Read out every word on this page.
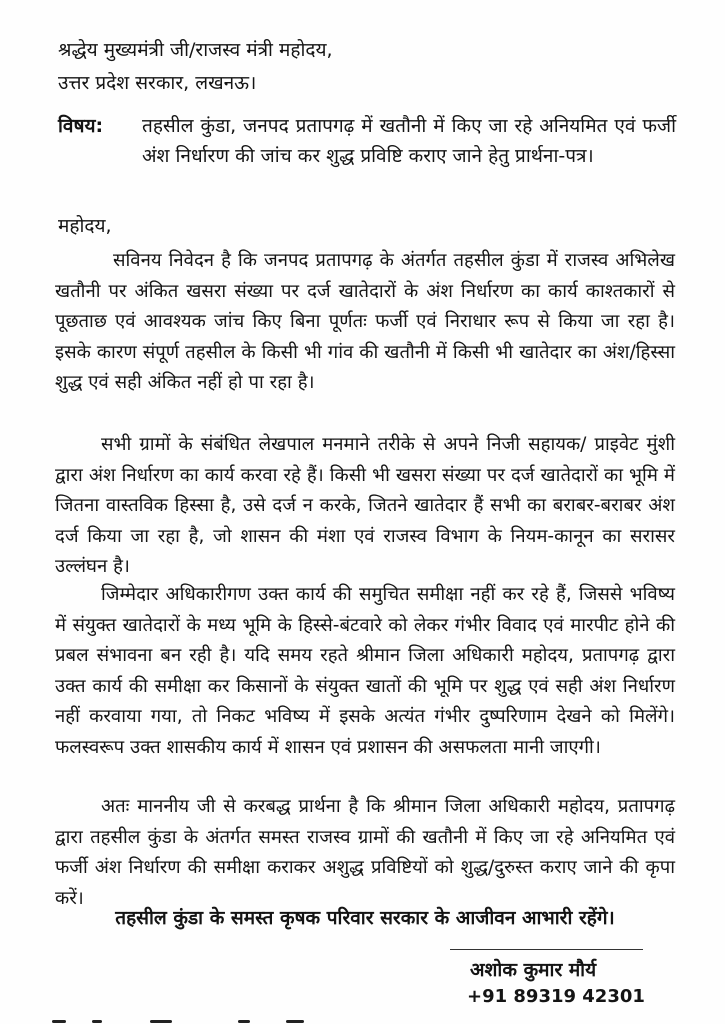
श्रद्धेय मुख्यमंत्री जी/राजस्व मंत्री महोदय,
उत्तर प्रदेश सरकार, लखनऊ।
विषय:	तहसील कुंडा, जनपद प्रतापगढ़ में खतौनी में किए जा रहे अनियमित एवं फर्जी अंश निर्धारण की जांच कर शुद्ध प्रविष्टि कराए जाने हेतु प्रार्थना-पत्र।
महोदय,

सविनय निवेदन है कि जनपद प्रतापगढ़ के अंतर्गत तहसील कुंडा में राजस्व अभिलेख खतौनी पर अंकित खसरा संख्या पर दर्ज खातेदारों के अंश निर्धारण का कार्य काश्तकारों से पूछताछ एवं आवश्यक जांच किए बिना पूर्णतः फर्जी एवं निराधार रूप से किया जा रहा है। इसके कारण संपूर्ण तहसील के किसी भी गांव की खतौनी में किसी भी खातेदार का अंश/हिस्सा शुद्ध एवं सही अंकित नहीं हो पा रहा है।

सभी ग्रामों के संबंधित लेखपाल मनमाने तरीके से अपने निजी सहायक/ प्राइवेट मुंशी द्वारा अंश निर्धारण का कार्य करवा रहे हैं। किसी भी खसरा संख्या पर दर्ज खातेदारों का भूमि में जितना वास्तविक हिस्सा है, उसे दर्ज न करके, जितने खातेदार हैं सभी का बराबर-बराबर अंश दर्ज किया जा रहा है, जो शासन की मंशा एवं राजस्व विभाग के नियम-कानून का सरासर उल्लंघन है।

जिम्मेदार अधिकारीगण उक्त कार्य की समुचित समीक्षा नहीं कर रहे हैं, जिससे भविष्य में संयुक्त खातेदारों के मध्य भूमि के हिस्से-बंटवारे को लेकर गंभीर विवाद एवं मारपीट होने की प्रबल संभावना बन रही है। यदि समय रहते श्रीमान जिला अधिकारी महोदय, प्रतापगढ़ द्वारा उक्त कार्य की समीक्षा कर किसानों के संयुक्त खातों की भूमि पर शुद्ध एवं सही अंश निर्धारण नहीं करवाया गया, तो निकट भविष्य में इसके अत्यंत गंभीर दुष्परिणाम देखने को मिलेंगे। फलस्वरूप उक्त शासकीय कार्य में शासन एवं प्रशासन की असफलता मानी जाएगी।

अतः माननीय जी से करबद्ध प्रार्थना है कि श्रीमान जिला अधिकारी महोदय, प्रतापगढ़ द्वारा तहसील कुंडा के अंतर्गत समस्त राजस्व ग्रामों की खतौनी में किए जा रहे अनियमित एवं फर्जी अंश निर्धारण की समीक्षा कराकर अशुद्ध प्रविष्टियों को शुद्ध/दुरुस्त कराए जाने की कृपा करें।

तहसील कुंडा के समस्त कृषक परिवार सरकार के आजीवन आभारी रहेंगे।
अशोक कुमार मौर्य
+91 89319 42301
